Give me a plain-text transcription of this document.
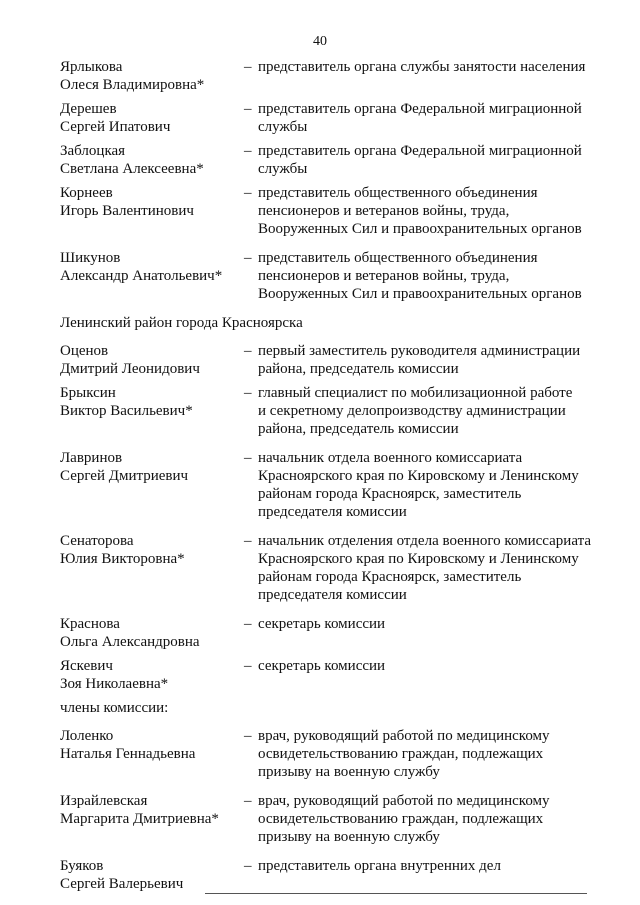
40
Ярлыкова
Олеся Владимировна*
– представитель органа службы занятости населения
Дерешев
Сергей Ипатович
– представитель органа Федеральной миграционной
службы
Заблоцкая
Светлана Алексеевна*
– представитель органа Федеральной миграционной
службы
Корнеев
Игорь Валентинович
– представитель общественного объединения
пенсионеров и ветеранов войны, труда,
Вооруженных Сил и правоохранительных органов
Шикунов
Александр Анатольевич*
– представитель общественного объединения
пенсионеров и ветеранов войны, труда,
Вооруженных Сил и правоохранительных органов
Ленинский район города Красноярска
Оценов
Дмитрий Леонидович
– первый заместитель руководителя администрации
района, председатель комиссии
Брыксин
Виктор Васильевич*
– главный специалист по мобилизационной работе
и секретному делопроизводству администрации
района, председатель комиссии
Лавринов
Сергей Дмитриевич
– начальник отдела военного комиссариата
Красноярского края по Кировскому и Ленинскому
районам города Красноярск, заместитель
председателя комиссии
Сенаторова
Юлия Викторовна*
– начальник отделения отдела военного комиссариата
Красноярского края по Кировскому и Ленинскому
районам города Красноярск, заместитель
председателя комиссии
Краснова
Ольга Александровна
– секретарь комиссии
Яскевич
Зоя Николаевна*
– секретарь комиссии
члены комиссии:
Лоленко
Наталья Геннадьевна
– врач, руководящий работой по медицинскому
освидетельствованию граждан, подлежащих
призыву на военную службу
Израйлевская
Маргарита Дмитриевна*
– врач, руководящий работой по медицинскому
освидетельствованию граждан, подлежащих
призыву на военную службу
Буяков
Сергей Валерьевич
– представитель органа внутренних дел
